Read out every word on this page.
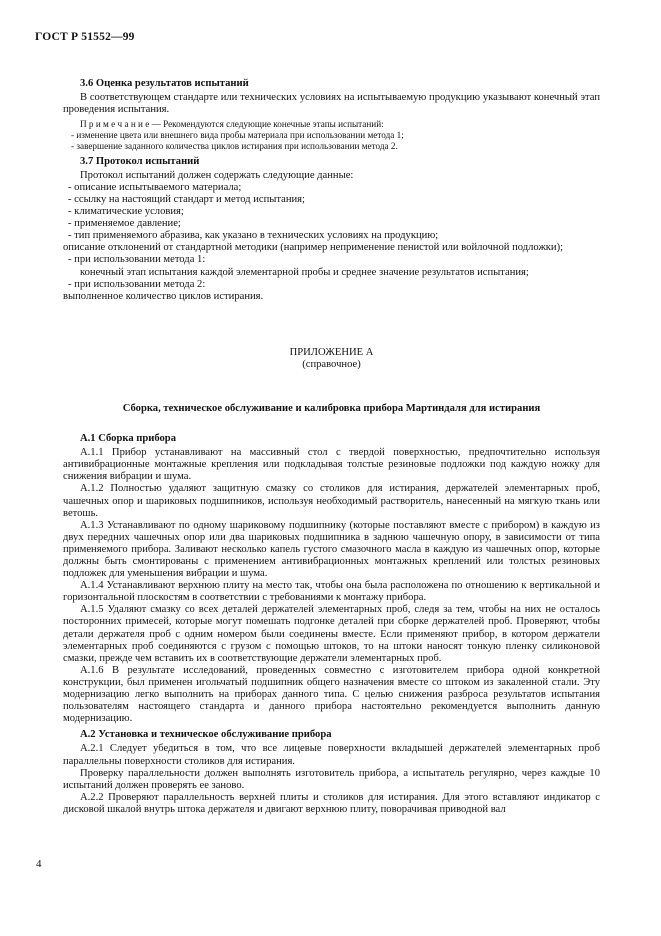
ГОСТ Р 51552—99
3.6 Оценка результатов испытаний
В соответствующем стандарте или технических условиях на испытываемую продукцию указывают конечный этап проведения испытания.
П р и м е ч а н и е — Рекомендуются следующие конечные этапы испытаний:
- изменение цвета или внешнего вида пробы материала при использовании метода 1;
- завершение заданного количества циклов истирания при использовании метода 2.
3.7 Протокол испытаний
Протокол испытаний должен содержать следующие данные:
- описание испытываемого материала;
- ссылку на настоящий стандарт и метод испытания;
- климатические условия;
- применяемое давление;
- тип применяемого абразива, как указано в технических условиях на продукцию;
описание отклонений от стандартной методики (например неприменение пенистой или войлочной подложки);
- при использовании метода 1:
конечный этап испытания каждой элементарной пробы и среднее значение результатов испытания;
- при использовании метода 2:
выполненное количество циклов истирания.
ПРИЛОЖЕНИЕ А
(справочное)
Сборка, техническое обслуживание и калибровка прибора Мартиндаля для истирания
А.1 Сборка прибора
А.1.1 Прибор устанавливают на массивный стол с твердой поверхностью, предпочтительно используя антивибрационные монтажные крепления или подкладывая толстые резиновые подложки под каждую ножку для снижения вибрации и шума.
А.1.2 Полностью удаляют защитную смазку со столиков для истирания, держателей элементарных проб, чашечных опор и шариковых подшипников, используя необходимый растворитель, нанесенный на мягкую ткань или ветошь.
А.1.3 Устанавливают по одному шариковому подшипнику (которые поставляют вместе с прибором) в каждую из двух передних чашечных опор или два шариковых подшипника в заднюю чашечную опору, в зависимости от типа применяемого прибора. Заливают несколько капель густого смазочного масла в каждую из чашечных опор, которые должны быть смонтированы с применением антивибрационных монтажных креплений или толстых резиновых подложек для уменьшения вибрации и шума.
А.1.4 Устанавливают верхнюю плиту на место так, чтобы она была расположена по отношению к вертикальной и горизонтальной плоскостям в соответствии с требованиями к монтажу прибора.
А.1.5 Удаляют смазку со всех деталей держателей элементарных проб, следя за тем, чтобы на них не осталось посторонних примесей, которые могут помешать подгонке деталей при сборке держателей проб. Проверяют, чтобы детали держателя проб с одним номером были соединены вместе. Если применяют прибор, в котором держатели элементарных проб соединяются с грузом с помощью штоков, то на штоки наносят тонкую пленку силиконовой смазки, прежде чем вставить их в соответствующие держатели элементарных проб.
А.1.6 В результате исследований, проведенных совместно с изготовителем прибора одной конкретной конструкции, был применен игольчатый подшипник общего назначения вместе со штоком из закаленной стали. Эту модернизацию легко выполнить на приборах данного типа. С целью снижения разброса результатов испытания пользователям настоящего стандарта и данного прибора настоятельно рекомендуется выполнить данную модернизацию.
А.2 Установка и техническое обслуживание прибора
А.2.1 Следует убедиться в том, что все лицевые поверхности вкладышей держателей элементарных проб параллельны поверхности столиков для истирания.
Проверку параллельности должен выполнять изготовитель прибора, а испытатель регулярно, через каждые 10 испытаний должен проверять ее заново.
А.2.2 Проверяют параллельность верхней плиты и столиков для истирания. Для этого вставляют индикатор с дисковой шкалой внутрь штока держателя и двигают верхнюю плиту, поворачивая приводной вал
4
